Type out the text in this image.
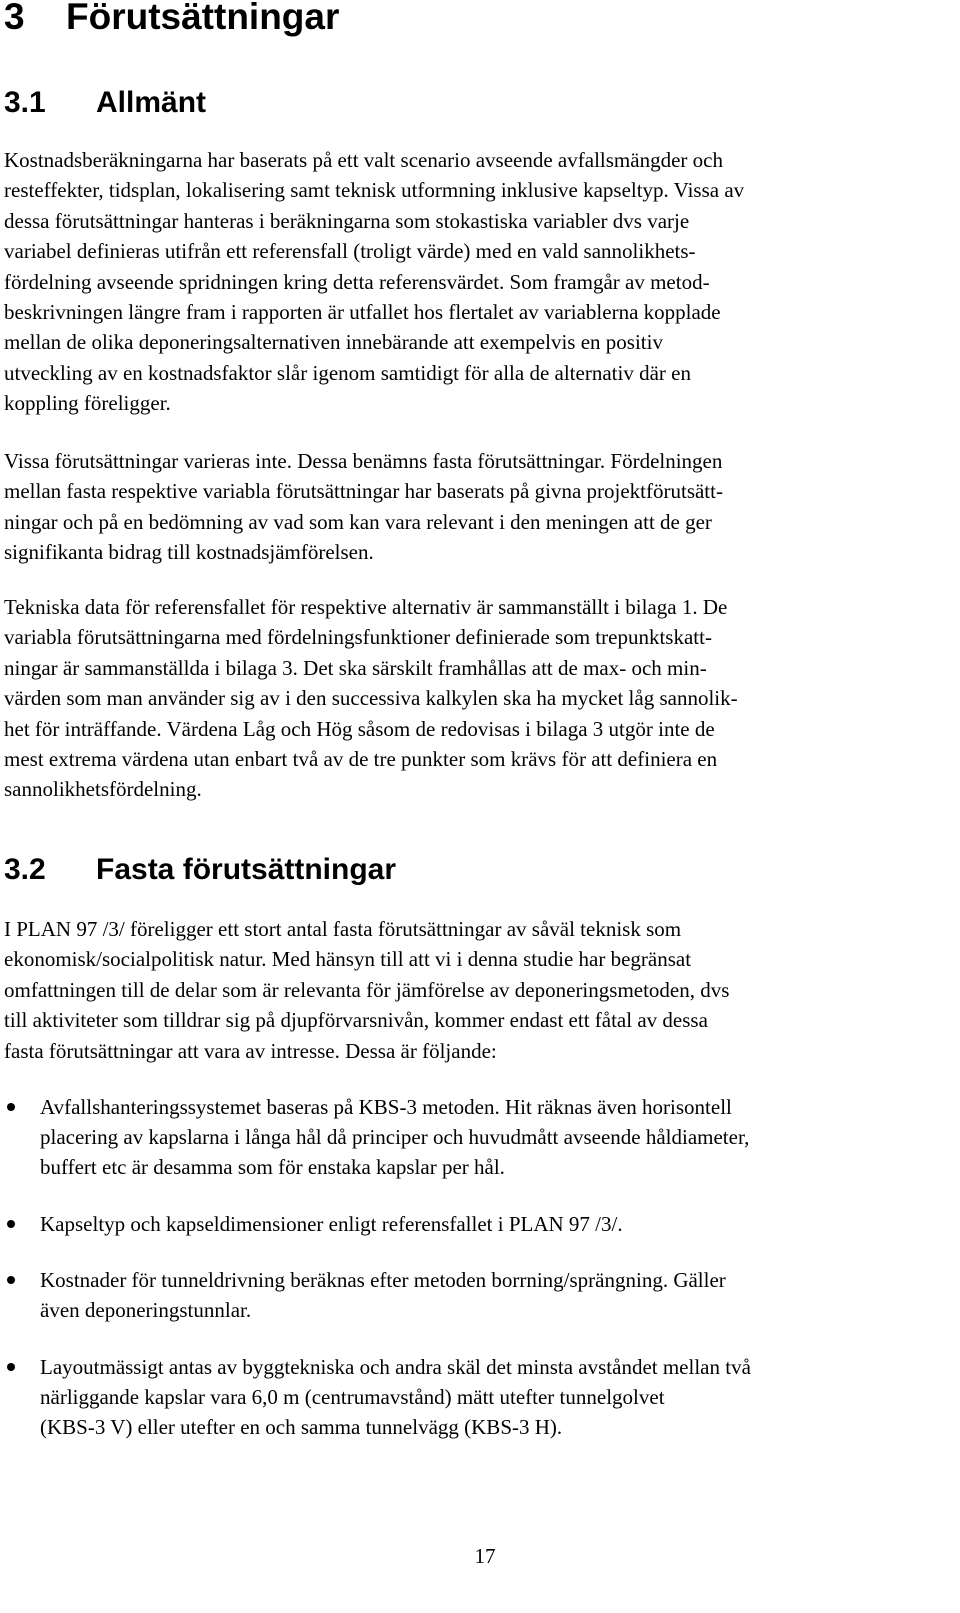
3 Förutsättningar
3.1 Allmänt

Kostnadsberäkningarna har baserats på ett valt scenario avseende avfallsmängder och
resteffekter, tidsplan, lokalisering samt teknisk utformning inklusive kapseltyp. Vissa av
dessa förutsättningar hanteras i beräkningarna som stokastiska variabler dvs varje
variabel definieras utifrån ett referensfall (troligt värde) med en vald sannolikhets-
fördelning avseende spridningen kring detta referensvärdet. Som framgår av metod-
beskrivningen längre fram i rapporten är utfallet hos flertalet av variablerna kopplade
mellan de olika deponeringsalternativen innebärande att exempelvis en positiv
utveckling av en kostnadsfaktor slår igenom samtidigt för alla de alternativ där en
koppling föreligger.

Vissa förutsättningar varieras inte. Dessa benämns fasta förutsättningar. Fördelningen
mellan fasta respektive variabla förutsättningar har baserats på givna projektförutsätt-
ningar och på en bedömning av vad som kan vara relevant i den meningen att de ger
signifikanta bidrag till kostnadsjämförelsen.

Tekniska data för referensfallet för respektive alternativ är sammanställt i bilaga 1. De
variabla förutsättningarna med fördelningsfunktioner definierade som trepunktskatt-
ningar är sammanställda i bilaga 3. Det ska särskilt framhållas att de max- och min-
värden som man använder sig av i den successiva kalkylen ska ha mycket låg sannolik-
het för inträffande. Värdena Låg och Hög såsom de redovisas i bilaga 3 utgör inte de
mest extrema värdena utan enbart två av de tre punkter som krävs för att definiera en
sannolikhetsfördelning.

3.2 Fasta förutsättningar

I PLAN 97 /3/ föreligger ett stort antal fasta förutsättningar av såväl teknisk som
ekonomisk/socialpolitisk natur. Med hänsyn till att vi i denna studie har begränsat
omfattningen till de delar som är relevanta för jämförelse av deponeringsmetoden, dvs
till aktiviteter som tilldrar sig på djupförvarsnivån, kommer endast ett fåtal av dessa
fasta förutsättningar att vara av intresse. Dessa är följande:

Avfallshanteringssystemet baseras på KBS-3 metoden. Hit räknas även horisontell
placering av kapslarna i långa hål då principer och huvudmått avseende håldiameter,
buffert etc är desamma som för enstaka kapslar per hål.
Kapseltyp och kapseldimensioner enligt referensfallet i PLAN 97 /3/.
Kostnader för tunneldrivning beräknas efter metoden borrning/sprängning. Gäller
även deponeringstunnlar.
Layoutmässigt antas av byggtekniska och andra skäl det minsta avståndet mellan två
närliggande kapslar vara 6,0 m (centrumavstånd) mätt utefter tunnelgolvet
(KBS-3 V) eller utefter en och samma tunnelvägg (KBS-3 H).
17
